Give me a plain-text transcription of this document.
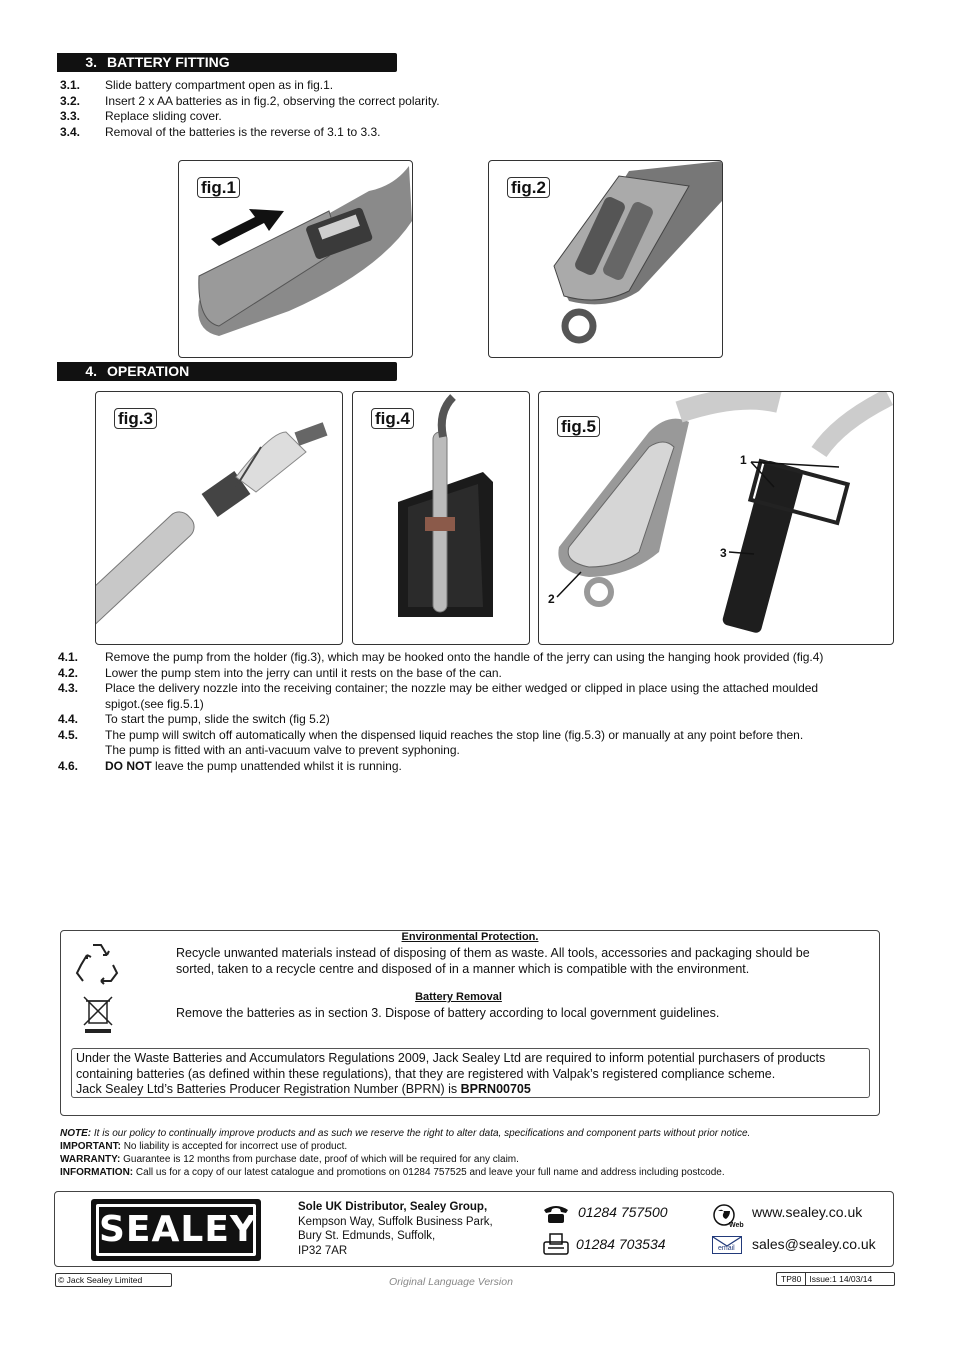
3. BATTERY FITTING
3.1.	Slide battery compartment open as in fig.1.
3.2.	Insert 2 x AA batteries as in fig.2, observing the correct polarity.
3.3.	Replace sliding cover.
3.4.	Removal of the batteries is the reverse of 3.1 to 3.3.
fig.1	fig.2
4. OPERATION
fig.3	fig.4	fig.5
1
3
2
4.1.	Remove the pump from the holder (fig.3), which may be hooked onto the handle of the jerry can using the hanging hook provided (fig.4)
4.2.	Lower the pump stem into the jerry can until it rests on the base of the can.
4.3.	Place the delivery nozzle into the receiving container; the nozzle may be either wedged or clipped in place using the attached moulded
spigot.(see fig.5.1)
4.4.	To start the pump, slide the switch (fig 5.2)
4.5.	The pump will switch off automatically when the dispensed liquid reaches the stop line (fig.5.3) or manually at any point before then.
The pump is fitted with an anti-vacuum valve to prevent syphoning.
4.6.	DO NOT leave the pump unattended whilst it is running.
Environmental Protection.
Recycle unwanted materials instead of disposing of them as waste. All tools, accessories and packaging should be
sorted, taken to a recycle centre and disposed of in a manner which is compatible with the environment.
Battery Removal
Remove the batteries as in section 3. Dispose of battery according to local government guidelines.
Under the Waste Batteries and Accumulators Regulations 2009, Jack Sealey Ltd are required to inform potential purchasers of products
containing batteries (as defined within these regulations), that they are registered with Valpak’s registered compliance scheme.
Jack Sealey Ltd’s Batteries Producer Registration Number (BPRN) is BPRN00705
NOTE: It is our policy to continually improve products and as such we reserve the right to alter data, specifications and component parts without prior notice.
IMPORTANT: No liability is accepted for incorrect use of product.
WARRANTY: Guarantee is 12 months from purchase date, proof of which will be required for any claim.
INFORMATION: Call us for a copy of our latest catalogue and promotions on 01284 757525 and leave your full name and address including postcode.
SEALEY
Sole UK Distributor, Sealey Group,
Kempson Way, Suffolk Business Park,
Bury St. Edmunds, Suffolk,
IP32 7AR
01284 757500
01284 703534
Web
www.sealey.co.uk
email sales@sealey.co.uk
© Jack Sealey Limited	Original Language Version	TP80 Issue:1 14/03/14
